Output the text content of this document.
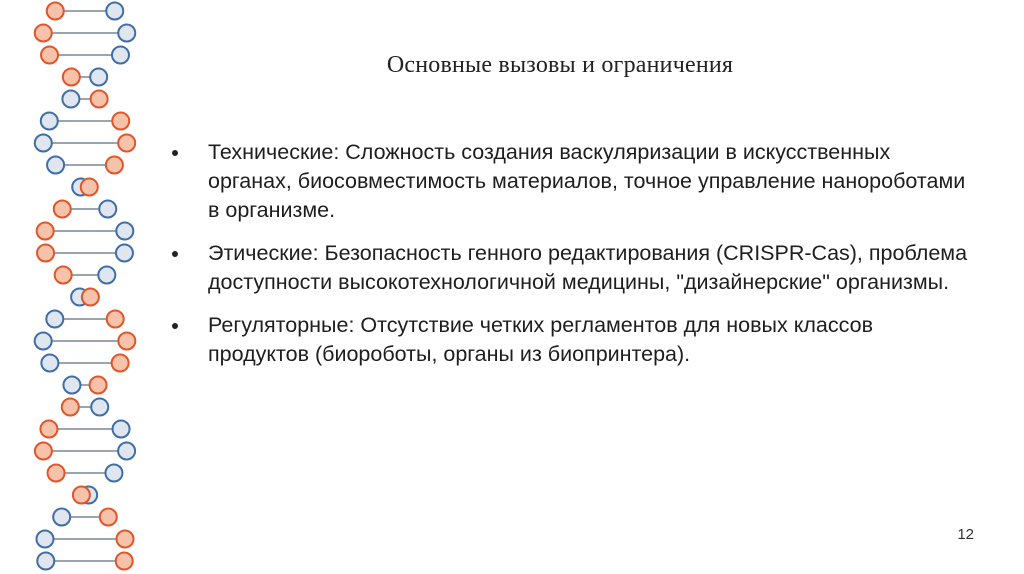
Основные вызовы и ограничения
Технические: Сложность создания васкуляризации в искусственных органах, биосовместимость материалов, точное управление нанороботами в организме.
Этические: Безопасность генного редактирования (CRISPR-Cas), проблема доступности высокотехнологичной медицины, "дизайнерские" организмы.
Регуляторные: Отсутствие четких регламентов для новых классов продуктов (биороботы, органы из биопринтера).
12
